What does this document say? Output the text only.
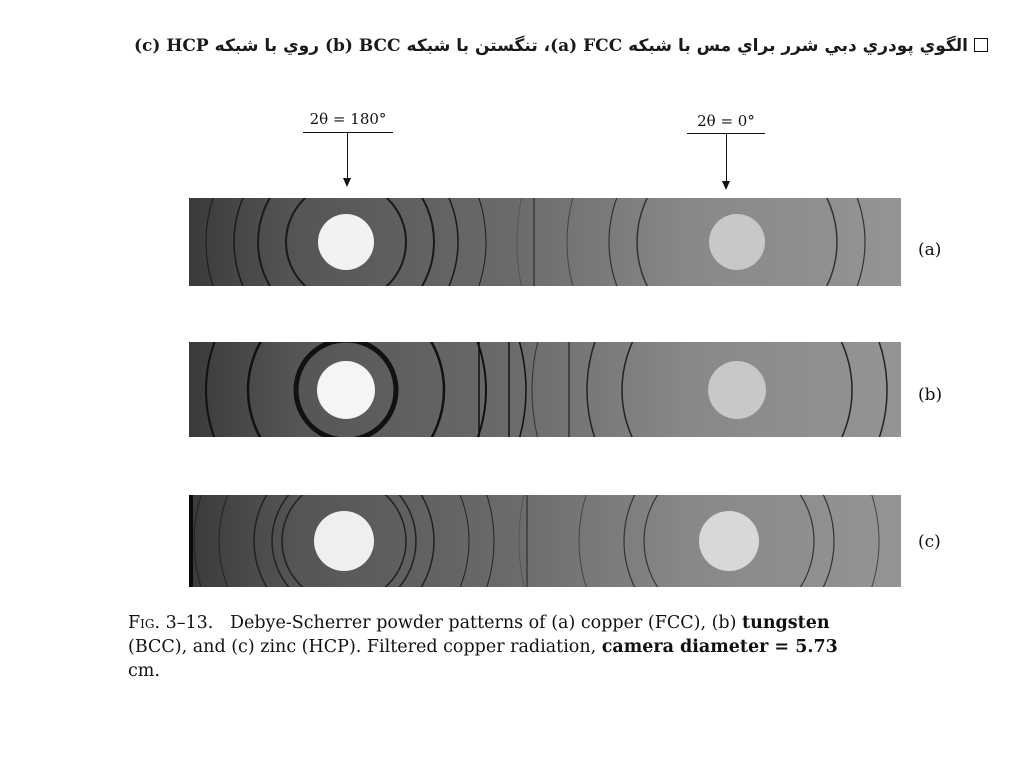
الگوي پودري دبي شرر براي مس با شبكه (a) FCC، تنگستن با شبكه (b) BCC روي با شبكه (c) HCP
2θ = 180°	2θ = 0°
(a)
(b)
(c)
Fig. 3–13. Debye-Scherrer powder patterns of (a) copper (FCC), (b) tungsten
(BCC), and (c) zinc (HCP). Filtered copper radiation, camera diameter = 5.73
cm.
